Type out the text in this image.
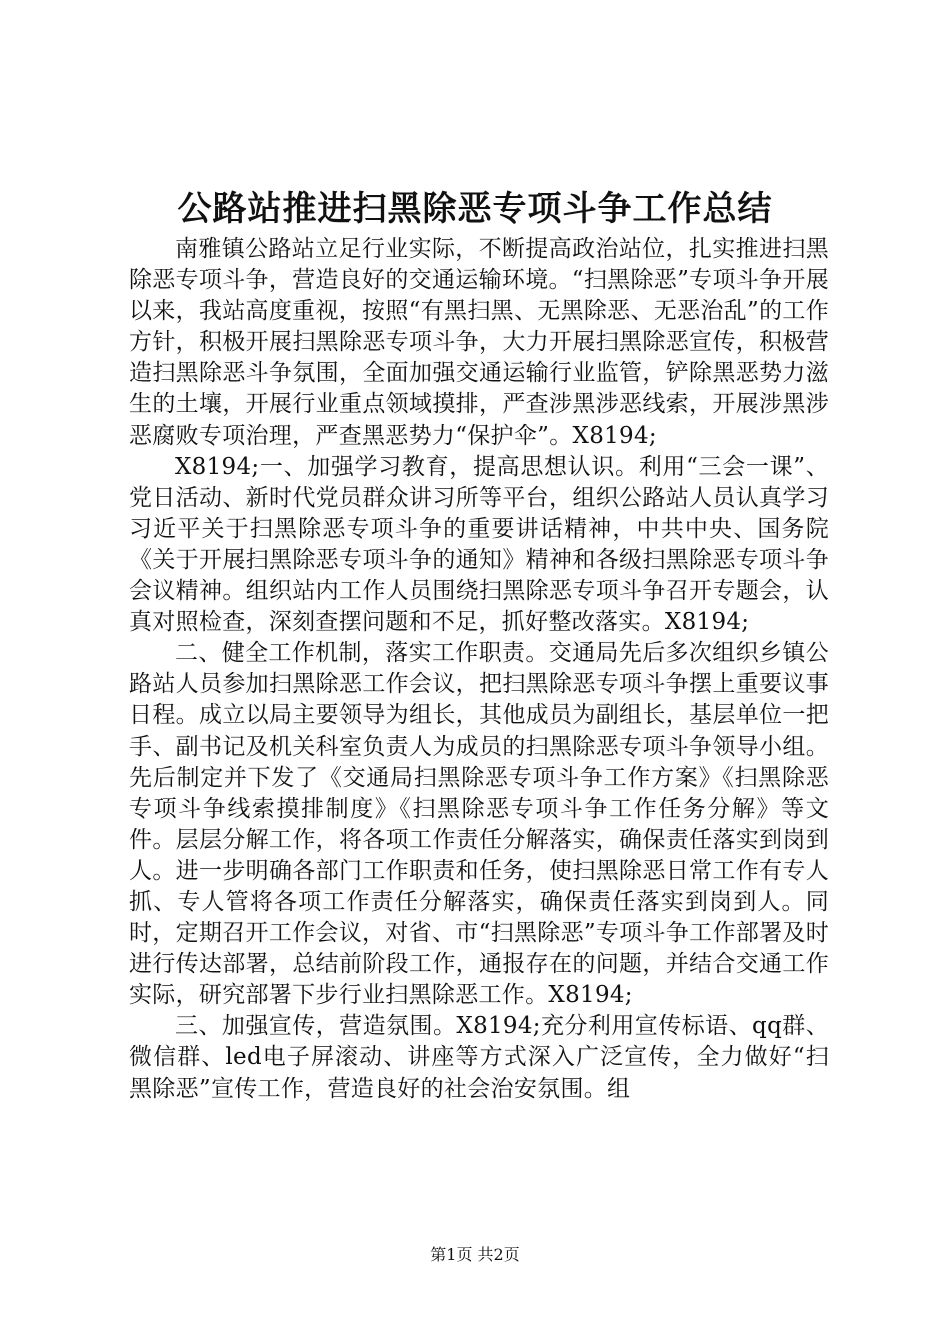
公路站推进扫黑除恶专项斗争工作总结

南雅镇公路站立足行业实际，不断提高政治站位，扎实推进扫黑除恶专项斗争，营造良好的交通运输环境。“扫黑除恶”专项斗争开展以来，我站高度重视，按照“有黑扫黑、无黑除恶、无恶治乱”的工作方针，积极开展扫黑除恶专项斗争，大力开展扫黑除恶宣传，积极营造扫黑除恶斗争氛围，全面加强交通运输行业监管，铲除黑恶势力滋生的土壤，开展行业重点领域摸排，严查涉黑涉恶线索，开展涉黑涉恶腐败专项治理，严查黑恶势力“保护伞”。X8194;

X8194;一、加强学习教育，提高思想认识。利用“三会一课”、党日活动、新时代党员群众讲习所等平台，组织公路站人员认真学习习近平关于扫黑除恶专项斗争的重要讲话精神，中共中央、国务院《关于开展扫黑除恶专项斗争的通知》精神和各级扫黑除恶专项斗争会议精神。组织站内工作人员围绕扫黑除恶专项斗争召开专题会，认真对照检查，深刻查摆问题和不足，抓好整改落实。X8194;

二、健全工作机制，落实工作职责。交通局先后多次组织乡镇公路站人员参加扫黑除恶工作会议，把扫黑除恶专项斗争摆上重要议事日程。成立以局主要领导为组长，其他成员为副组长，基层单位一把手、副书记及机关科室负责人为成员的扫黑除恶专项斗争领导小组。先后制定并下发了《交通局扫黑除恶专项斗争工作方案》《扫黑除恶专项斗争线索摸排制度》《扫黑除恶专项斗争工作任务分解》等文件。层层分解工作，将各项工作责任分解落实，确保责任落实到岗到人。进一步明确各部门工作职责和任务，使扫黑除恶日常工作有专人抓、专人管将各项工作责任分解落实，确保责任落实到岗到人。同时，定期召开工作会议，对省、市“扫黑除恶”专项斗争工作部署及时进行传达部署，总结前阶段工作，通报存在的问题，并结合交通工作实际，研究部署下步行业扫黑除恶工作。X8194;

三、加强宣传，营造氛围。X8194;充分利用宣传标语、qq群、微信群、led电子屏滚动、讲座等方式深入广泛宣传，全力做好“扫黑除恶”宣传工作，营造良好的社会治安氛围。组

第1页 共2页
